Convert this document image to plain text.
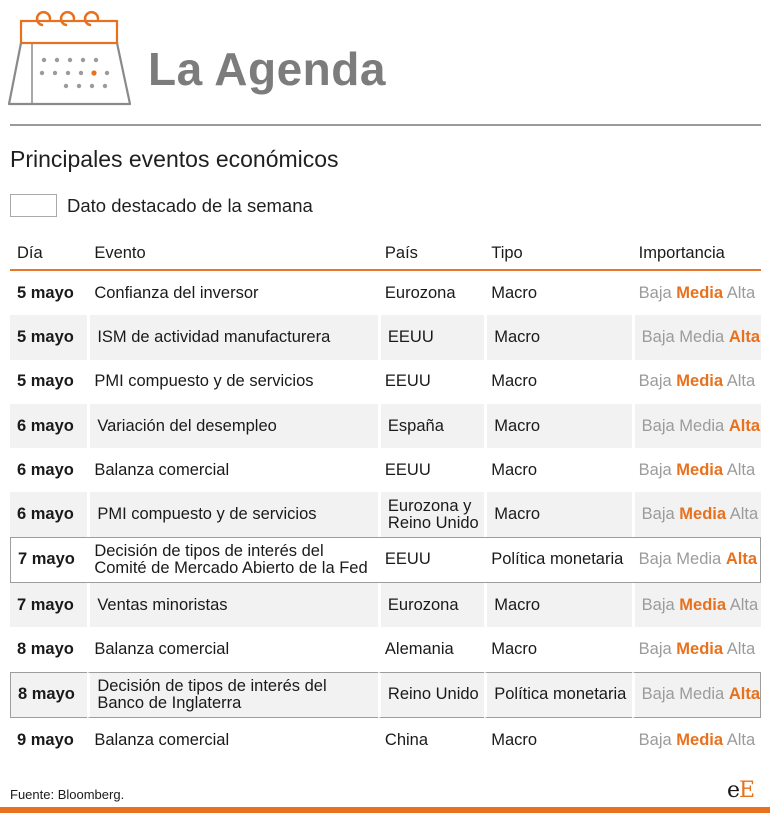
La Agenda
Principales eventos económicos
Dato destacado de la semana
Día	Evento	País	Tipo	Importancia
5 mayo	Confianza del inversor	Eurozona	Macro	Baja Media Alta
5 mayo	ISM de actividad manufacturera	EEUU	Macro	Baja Media Alta
5 mayo	PMI compuesto y de servicios	EEUU	Macro	Baja Media Alta
6 mayo	Variación del desempleo	España	Macro	Baja Media Alta
6 mayo	Balanza comercial	EEUU	Macro	Baja Media Alta
6 mayo	PMI compuesto y de servicios	Eurozona y Reino Unido	Macro	Baja Media Alta
7 mayo	Decisión de tipos de interés del Comité de Mercado Abierto de la Fed	EEUU	Política monetaria	Baja Media Alta
7 mayo	Ventas minoristas	Eurozona	Macro	Baja Media Alta
8 mayo	Balanza comercial	Alemania	Macro	Baja Media Alta
8 mayo	Decisión de tipos de interés del Banco de Inglaterra	Reino Unido	Política monetaria	Baja Media Alta
9 mayo	Balanza comercial	China	Macro	Baja Media Alta
Fuente: Bloomberg.	eE
